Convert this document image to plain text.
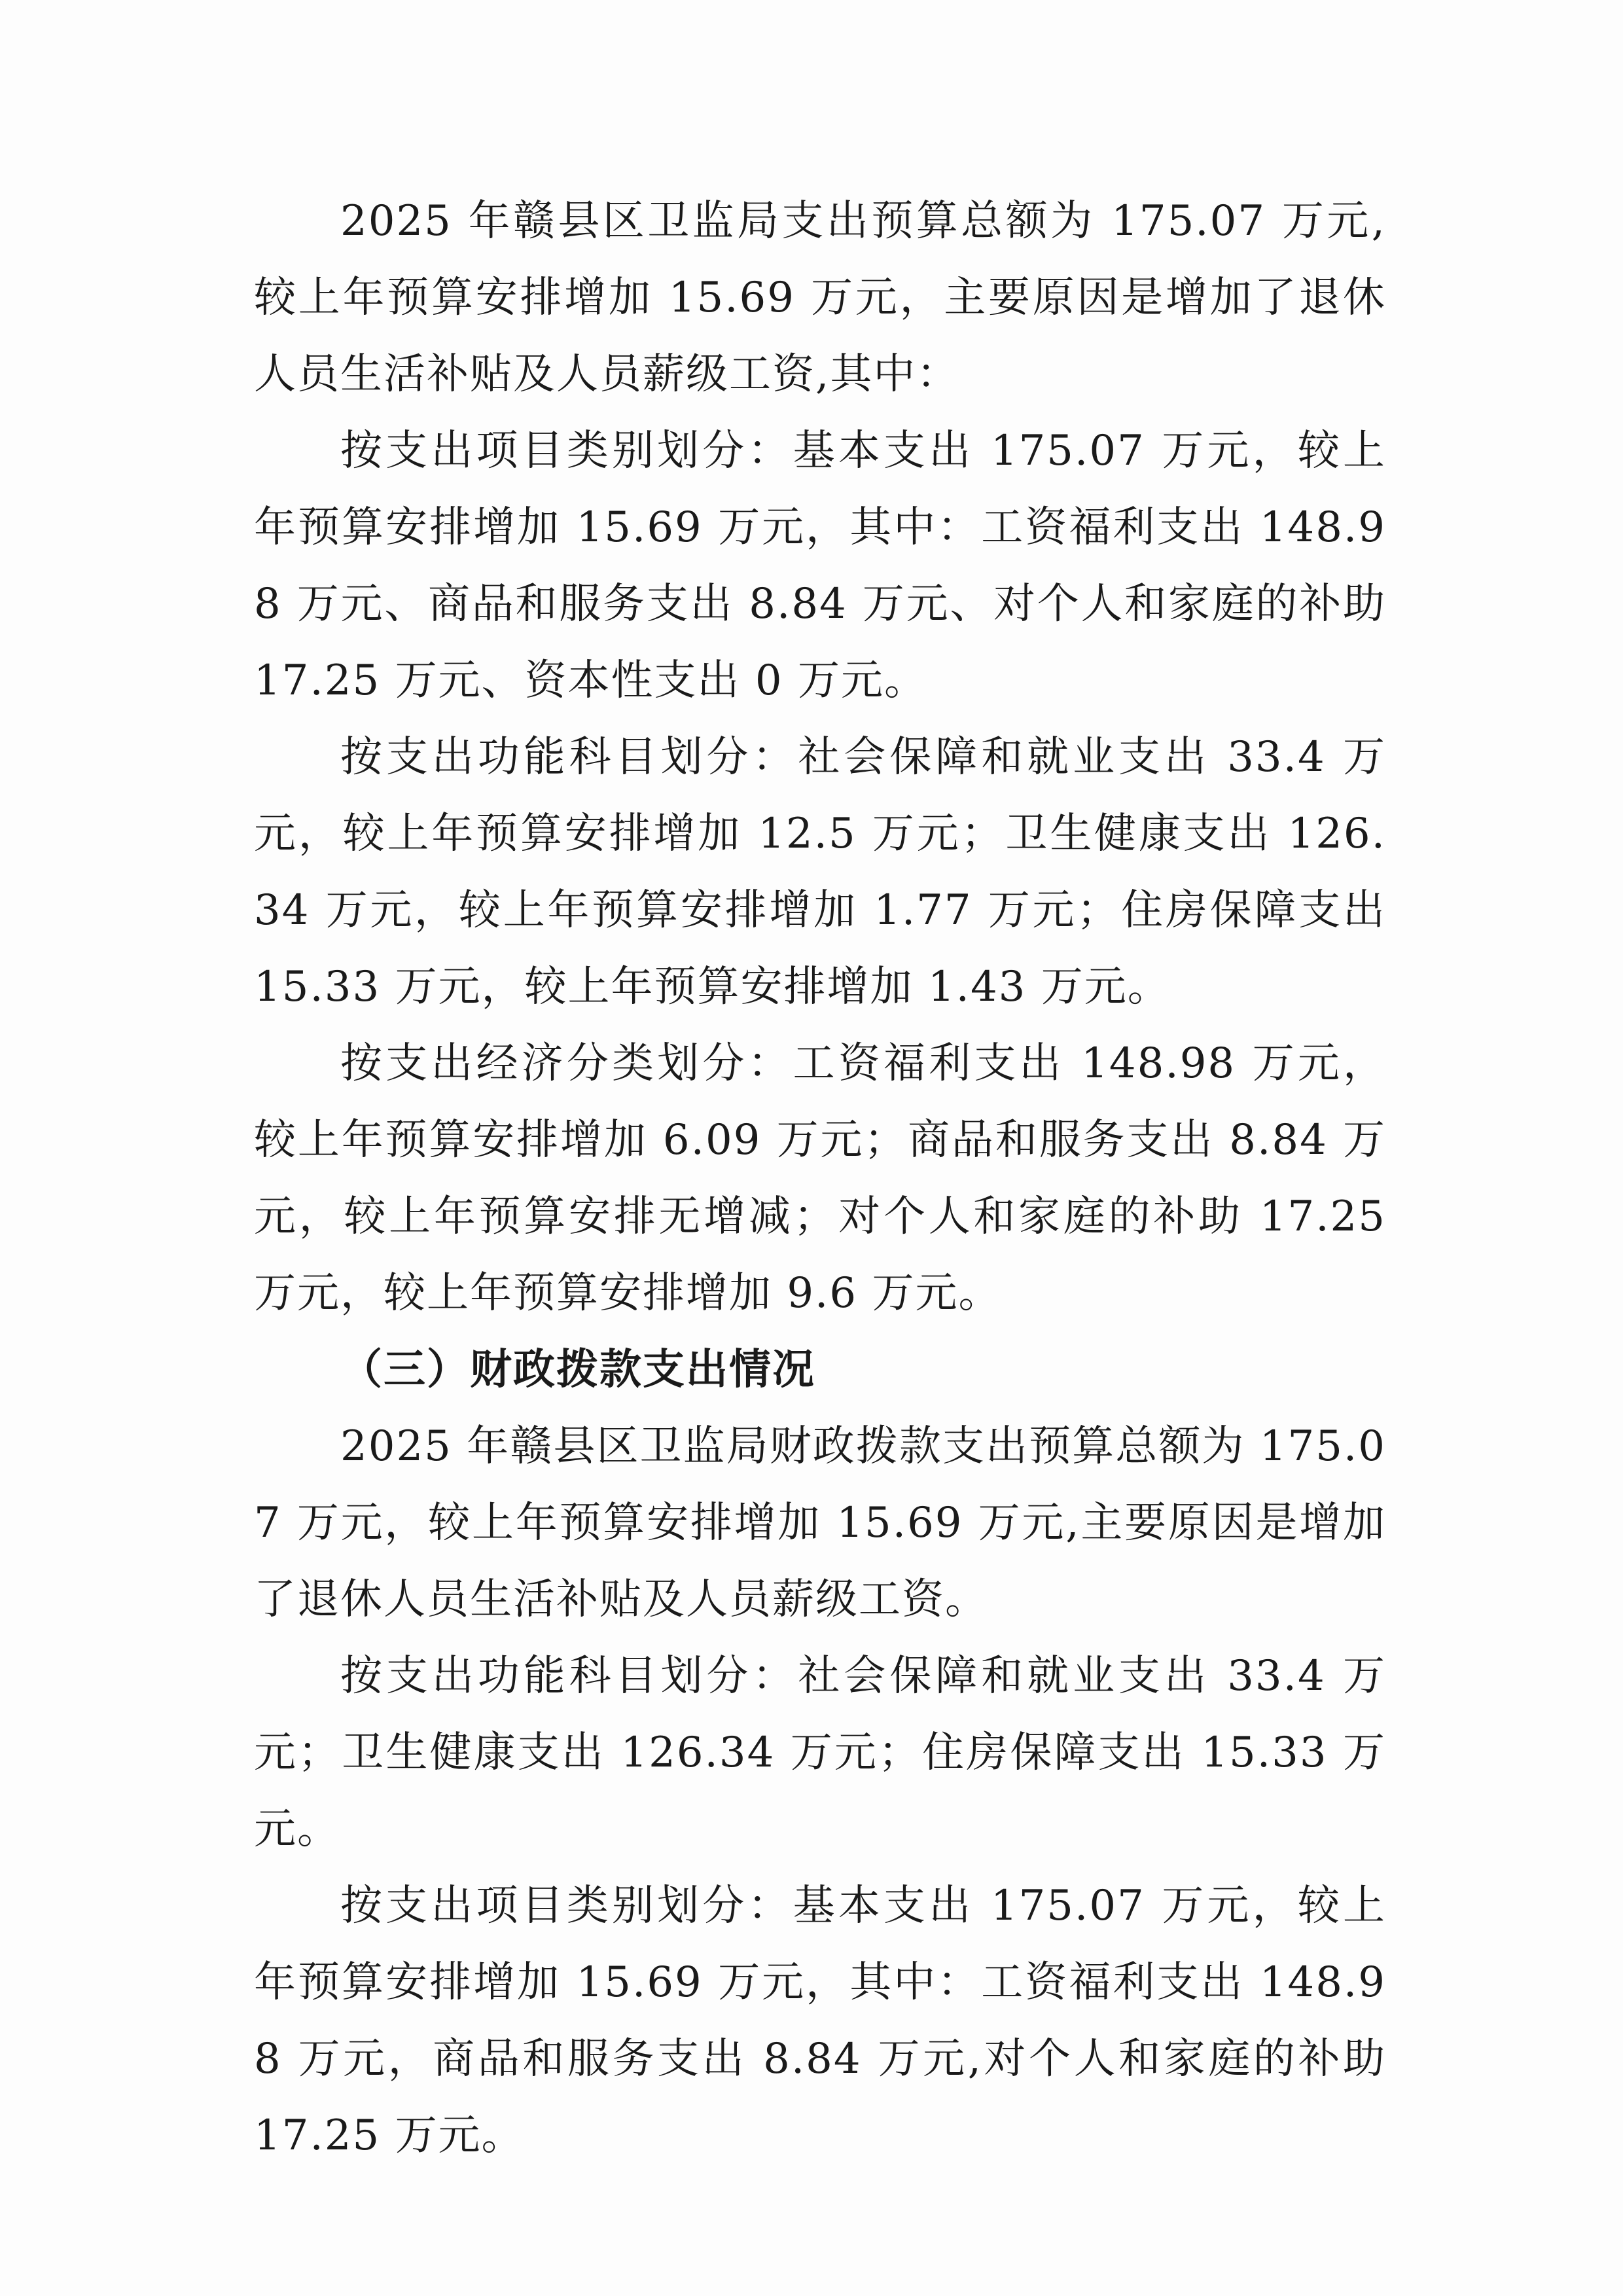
2025 年赣县区卫监局支出预算总额为 175.07 万元,较上年预算安排增加 15.69 万元，主要原因是增加了退休人员生活补贴及人员薪级工资,其中：

按支出项目类别划分：基本支出 175.07 万元，较上年预算安排增加 15.69 万元，其中：工资福利支出 148.98 万元、商品和服务支出 8.84 万元、对个人和家庭的补助 17.25 万元、资本性支出 0 万元。

按支出功能科目划分：社会保障和就业支出 33.4 万元，较上年预算安排增加 12.5 万元；卫生健康支出 126.34 万元，较上年预算安排增加 1.77 万元；住房保障支出 15.33 万元，较上年预算安排增加 1.43 万元。

按支出经济分类划分：工资福利支出 148.98 万元，较上年预算安排增加 6.09 万元；商品和服务支出 8.84 万元，较上年预算安排无增减；对个人和家庭的补助 17.25 万元，较上年预算安排增加 9.6 万元。

（三）财政拨款支出情况

2025 年赣县区卫监局财政拨款支出预算总额为 175.07 万元，较上年预算安排增加 15.69 万元,主要原因是增加了退休人员生活补贴及人员薪级工资。

按支出功能科目划分：社会保障和就业支出 33.4 万元；卫生健康支出 126.34 万元；住房保障支出 15.33 万元。

按支出项目类别划分：基本支出 175.07 万元，较上年预算安排增加 15.69 万元，其中：工资福利支出 148.98 万元，商品和服务支出 8.84 万元,对个人和家庭的补助 17.25 万元。
